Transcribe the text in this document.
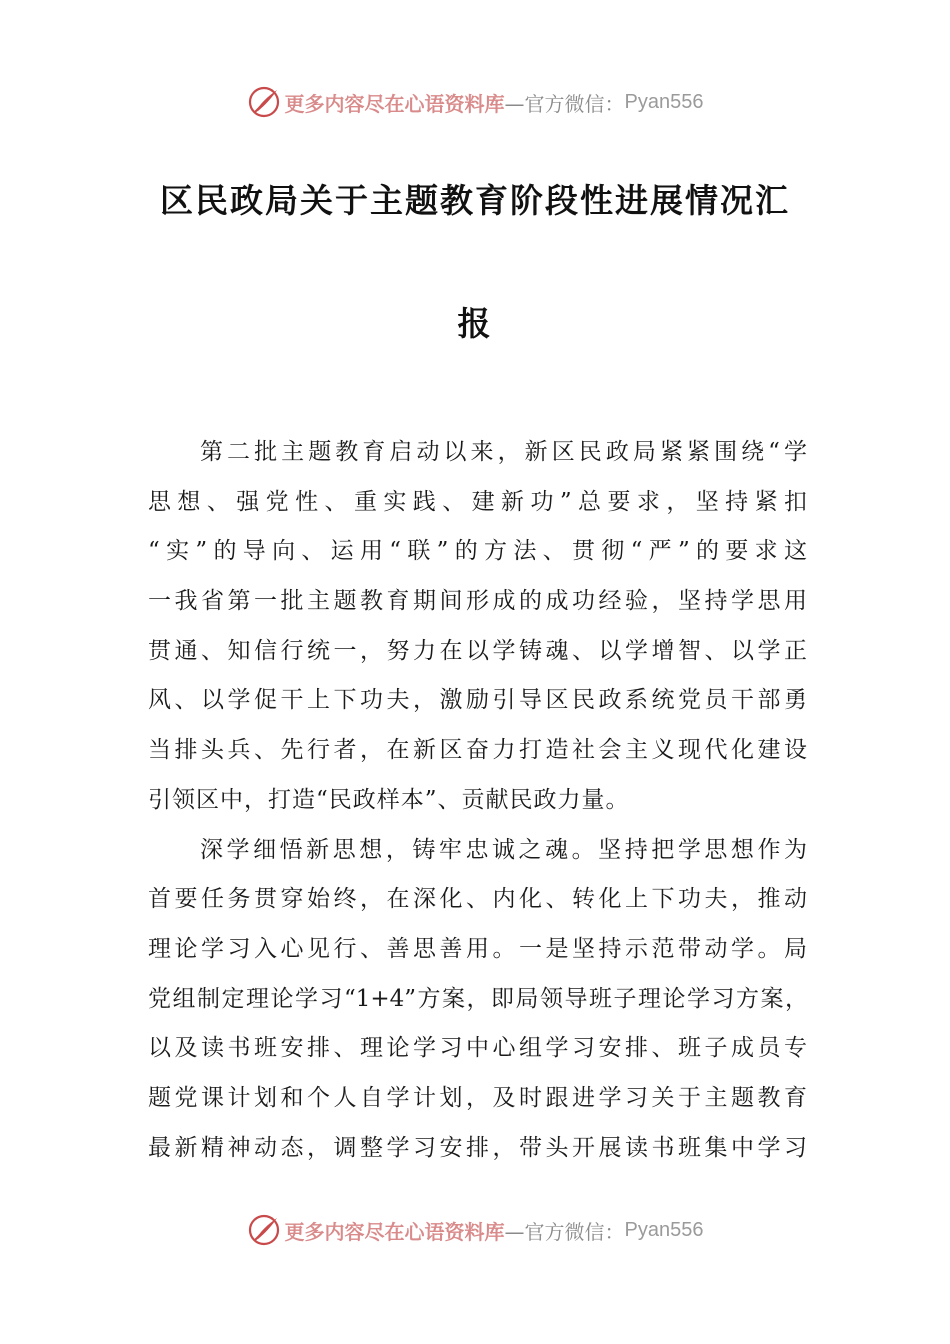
更多内容尽在心语资料库 —官方微信： Pyan556
区民政局关于主题教育阶段性进展情况汇
报
第二批主题教育启动以来，新区民政局紧紧围绕“学
思想、强党性、重实践、建新功”总要求，坚持紧扣
“实”的导向、运用“联”的方法、贯彻“严”的要求这
一我省第一批主题教育期间形成的成功经验，坚持学思用
贯通、知信行统一，努力在以学铸魂、以学增智、以学正
风、以学促干上下功夫，激励引导区民政系统党员干部勇
当排头兵、先行者，在新区奋力打造社会主义现代化建设
引领区中，打造“民政样本”、贡献民政力量。
深学细悟新思想，铸牢忠诚之魂。坚持把学思想作为
首要任务贯穿始终，在深化、内化、转化上下功夫，推动
理论学习入心见行、善思善用。一是坚持示范带动学。局
党组制定理论学习“1+4”方案，即局领导班子理论学习方案，
以及读书班安排、理论学习中心组学习安排、班子成员专
题党课计划和个人自学计划，及时跟进学习关于主题教育
最新精神动态，调整学习安排，带头开展读书班集中学习
更多内容尽在心语资料库 —官方微信： Pyan556
